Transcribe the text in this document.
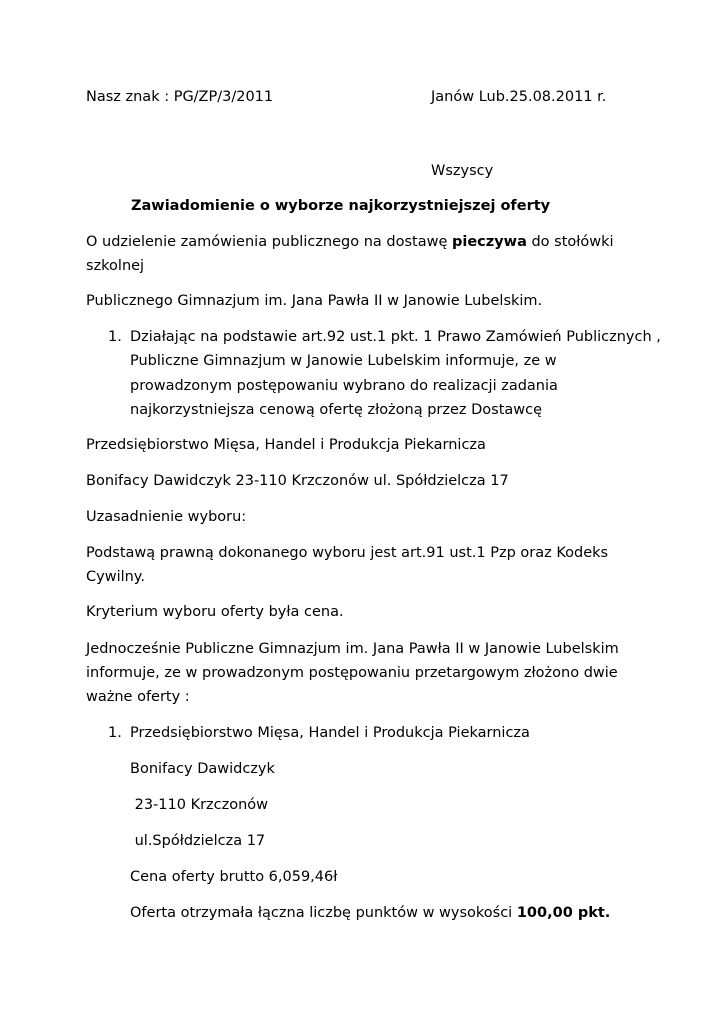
Nasz znak : PG/ZP/3/2011	Janów Lub.25.08.2011 r.
Wszyscy
Zawiadomienie o wyborze najkorzystniejszej oferty
O udzielenie zamówienia publicznego na dostawę pieczywa do stołówki
szkolnej
Publicznego Gimnazjum im. Jana Pawła II w Janowie Lubelskim.
1. Działając na podstawie art.92 ust.1 pkt. 1 Prawo Zamówień Publicznych ,
Publiczne Gimnazjum w Janowie Lubelskim informuje, ze w
prowadzonym postępowaniu wybrano do realizacji zadania
najkorzystniejsza cenową ofertę złożoną przez Dostawcę
Przedsiębiorstwo Mięsa, Handel i Produkcja Piekarnicza
Bonifacy Dawidczyk 23-110 Krzczonów ul. Spółdzielcza 17
Uzasadnienie wyboru:
Podstawą prawną dokonanego wyboru jest art.91 ust.1 Pzp oraz Kodeks
Cywilny.
Kryterium wyboru oferty była cena.
Jednocześnie Publiczne Gimnazjum im. Jana Pawła II w Janowie Lubelskim
informuje, ze w prowadzonym postępowaniu przetargowym złożono dwie
ważne oferty :
1. Przedsiębiorstwo Mięsa, Handel i Produkcja Piekarnicza
Bonifacy Dawidczyk
23-110 Krzczonów
ul.Spółdzielcza 17
Cena oferty brutto 6,059,46ł
Oferta otrzymała łączna liczbę punktów w wysokości 100,00 pkt.
